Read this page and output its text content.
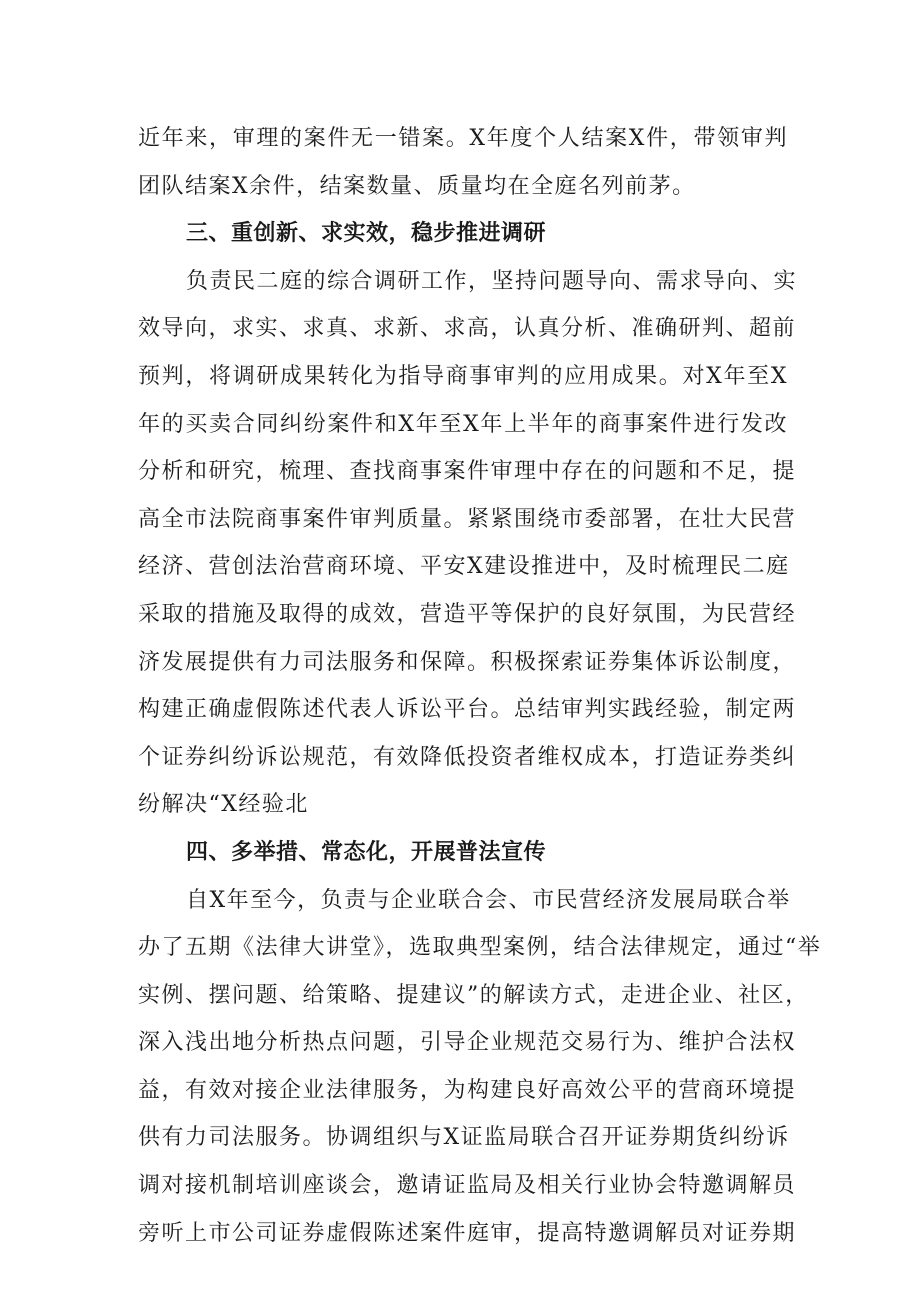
近年来，审理的案件无一错案。X年度个人结案X件，带领审判
团队结案X余件，结案数量、质量均在全庭名列前茅。
三、重创新、求实效，稳步推进调研
负责民二庭的综合调研工作，坚持问题导向、需求导向、实
效导向，求实、求真、求新、求高，认真分析、准确研判、超前
预判，将调研成果转化为指导商事审判的应用成果。对X年至X
年的买卖合同纠纷案件和X年至X年上半年的商事案件进行发改
分析和研究，梳理、查找商事案件审理中存在的问题和不足，提
高全市法院商事案件审判质量。紧紧围绕市委部署，在壮大民营
经济、营创法治营商环境、平安X建设推进中，及时梳理民二庭
采取的措施及取得的成效，营造平等保护的良好氛围，为民营经
济发展提供有力司法服务和保障。积极探索证券集体诉讼制度，
构建正确虚假陈述代表人诉讼平台。总结审判实践经验，制定两
个证券纠纷诉讼规范，有效降低投资者维权成本，打造证券类纠
纷解决“X经验北
四、多举措、常态化，开展普法宣传
自X年至今，负责与企业联合会、市民营经济发展局联合举
办了五期《法律大讲堂》，选取典型案例，结合法律规定，通过“举
实例、摆问题、给策略、提建议”的解读方式，走进企业、社区，
深入浅出地分析热点问题，引导企业规范交易行为、维护合法权
益，有效对接企业法律服务，为构建良好高效公平的营商环境提
供有力司法服务。协调组织与X证监局联合召开证券期货纠纷诉
调对接机制培训座谈会，邀请证监局及相关行业协会特邀调解员
旁听上市公司证券虚假陈述案件庭审，提高特邀调解员对证券期
